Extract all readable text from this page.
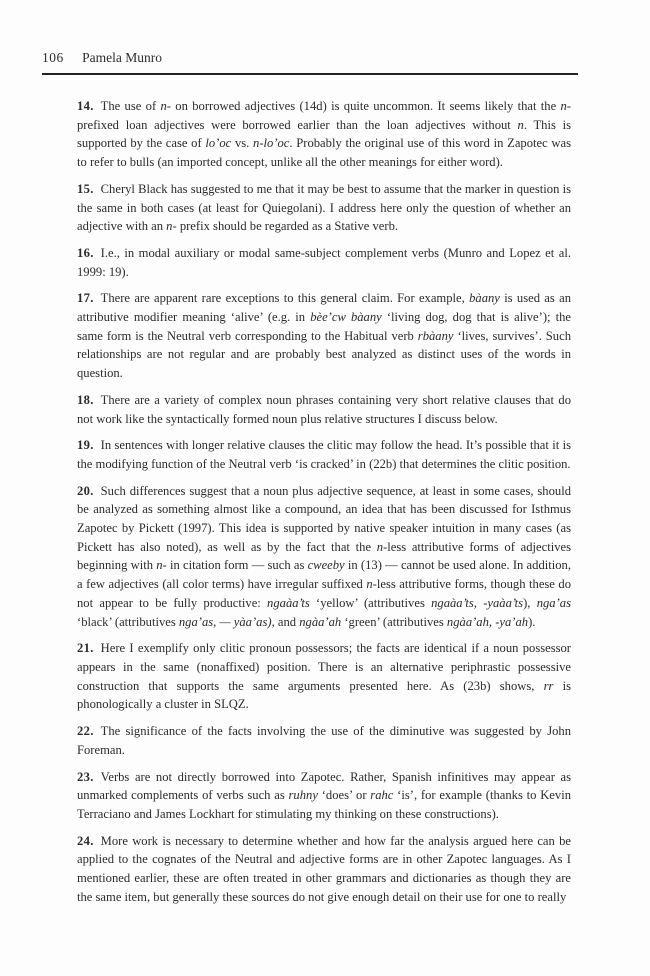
106 Pamela Munro

14. The use of n- on borrowed adjectives (14d) is quite uncommon. It seems likely that the n-prefixed loan adjectives were borrowed earlier than the loan adjectives without n. This is supported by the case of lo’oc vs. n-lo’oc. Probably the original use of this word in Zapotec was to refer to bulls (an imported concept, unlike all the other meanings for either word).

15. Cheryl Black has suggested to me that it may be best to assume that the marker in question is the same in both cases (at least for Quiegolani). I address here only the question of whether an adjective with an n- prefix should be regarded as a Stative verb.

16. I.e., in modal auxiliary or modal same-subject complement verbs (Munro and Lopez et al. 1999: 19).

17. There are apparent rare exceptions to this general claim. For example, bàany is used as an attributive modifier meaning ‘alive’ (e.g. in bèe’cw bàany ‘living dog, dog that is alive’); the same form is the Neutral verb corresponding to the Habitual verb rbàany ‘lives, survives’. Such relationships are not regular and are probably best analyzed as distinct uses of the words in question.

18. There are a variety of complex noun phrases containing very short relative clauses that do not work like the syntactically formed noun plus relative structures I discuss below.

19. In sentences with longer relative clauses the clitic may follow the head. It’s possible that it is the modifying function of the Neutral verb ‘is cracked’ in (22b) that determines the clitic position.

20. Such differences suggest that a noun plus adjective sequence, at least in some cases, should be analyzed as something almost like a compound, an idea that has been discussed for Isthmus Zapotec by Pickett (1997). This idea is supported by native speaker intuition in many cases (as Pickett has also noted), as well as by the fact that the n-less attributive forms of adjectives beginning with n- in citation form — such as cweeby in (13) — cannot be used alone. In addition, a few adjectives (all color terms) have irregular suffixed n-less attributive forms, though these do not appear to be fully productive: ngaàa’ts ‘yellow’ (attributives ngaàa’ts, -yaàa’ts), nga’as ‘black’ (attributives nga’as, — yàa’as), and ngàa’ah ‘green’ (attributives ngàa’ah, -ya’ah).

21. Here I exemplify only clitic pronoun possessors; the facts are identical if a noun possessor appears in the same (nonaffixed) position. There is an alternative periphrastic possessive construction that supports the same arguments presented here. As (23b) shows, rr is phonologically a cluster in SLQZ.

22. The significance of the facts involving the use of the diminutive was suggested by John Foreman.

23. Verbs are not directly borrowed into Zapotec. Rather, Spanish infinitives may appear as unmarked complements of verbs such as ruhny ‘does’ or rahc ‘is’, for example (thanks to Kevin Terraciano and James Lockhart for stimulating my thinking on these constructions).

24. More work is necessary to determine whether and how far the analysis argued here can be applied to the cognates of the Neutral and adjective forms are in other Zapotec languages. As I mentioned earlier, these are often treated in other grammars and dictionaries as though they are the same item, but generally these sources do not give enough detail on their use for one to really
